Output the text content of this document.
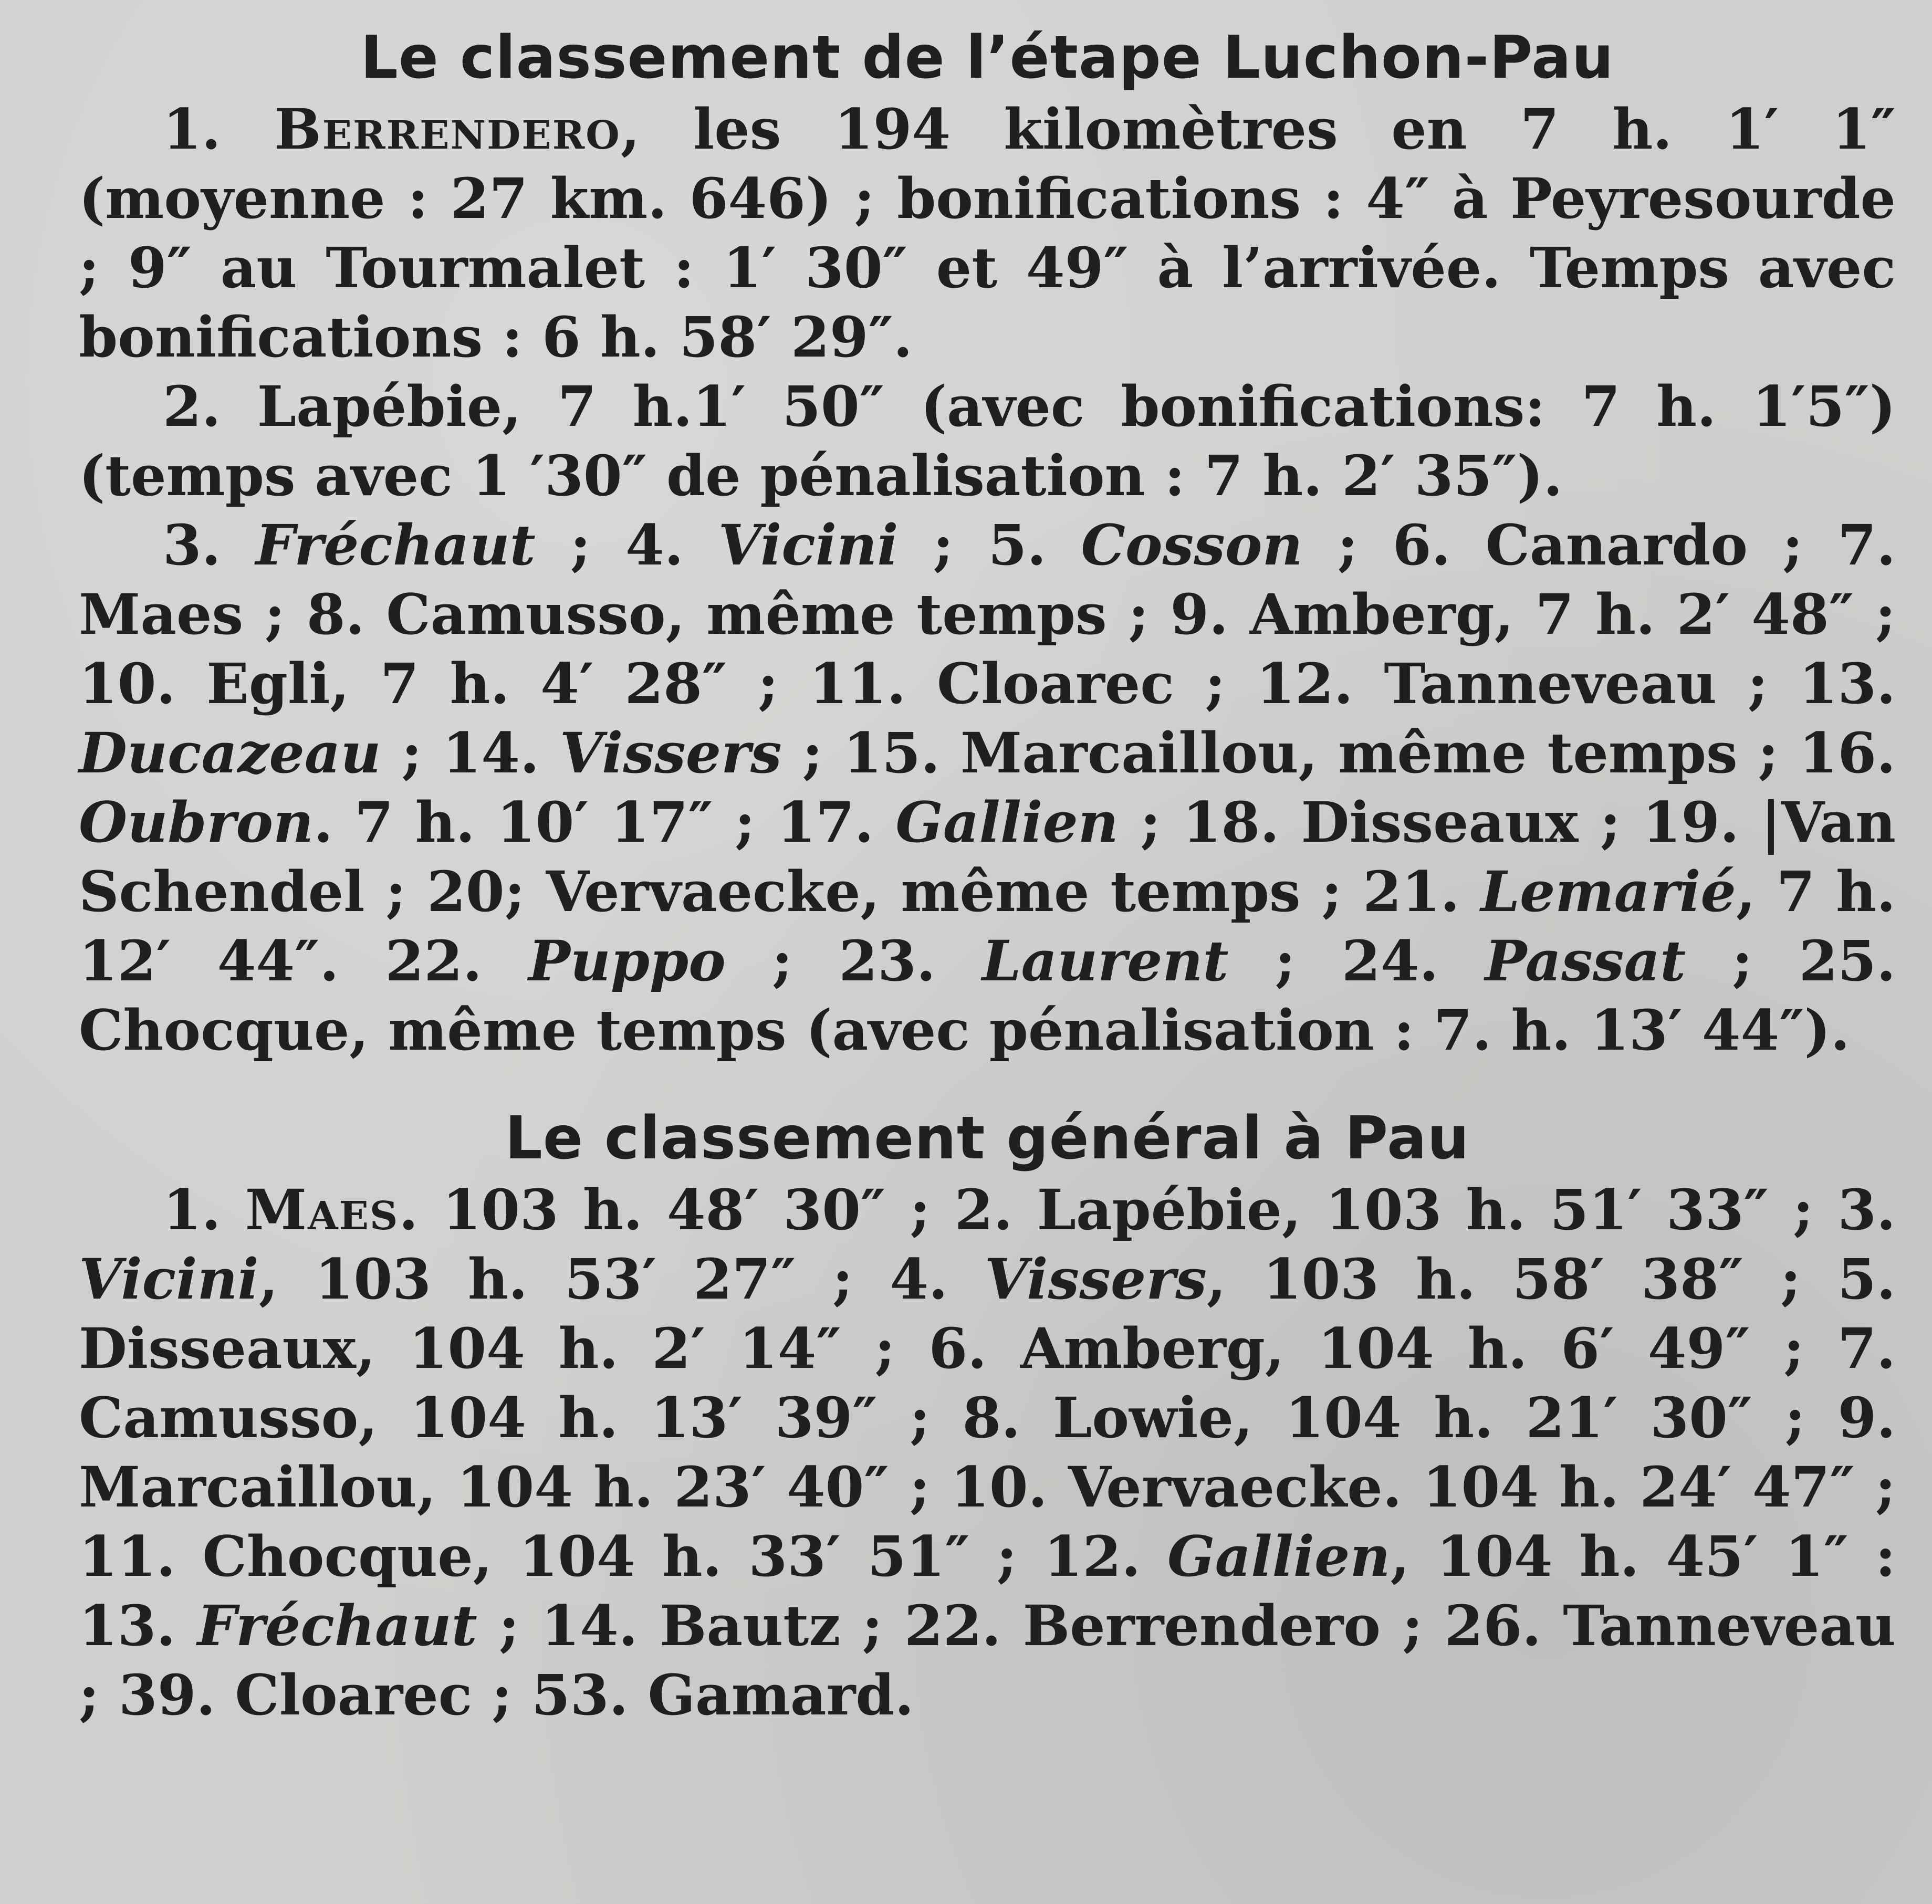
Le classement de l’étape Luchon-Pau

1. Berrendero, les 194 kilomètres en 7 h. 1′ 1″ (moyenne : 27 km. 646) ; bonifications : 4″ à Peyresourde ; 9″ au Tourmalet : 1′ 30″ et 49″ à l’arrivée. Temps avec bonifications : 6 h. 58′ 29″.

2. Lapébie, 7 h.1′ 50″ (avec bonifications: 7 h. 1′5″) (temps avec 1 ′30″ de pénalisation : 7 h. 2′ 35″).

3. Fréchaut ; 4. Vicini ; 5. Cosson ; 6. Canardo ; 7. Maes ; 8. Camusso, même temps ; 9. Amberg, 7 h. 2′ 48″ ; 10. Egli, 7 h. 4′ 28″ ; 11. Cloarec ; 12. Tanneveau ; 13. Ducazeau ; 14. Vissers ; 15. Marcaillou, même temps ; 16. Oubron. 7 h. 10′ 17″ ; 17. Gallien ; 18. Disseaux ; 19. |Van Schendel ; 20; Vervaecke, même temps ; 21. Lemarié, 7 h. 12′ 44″. 22. Puppo ; 23. Laurent ; 24. Passat ; 25. Chocque, même temps (avec pénalisation : 7. h. 13′ 44″).

Le classement général à Pau

1. Maes. 103 h. 48′ 30″ ; 2. Lapébie, 103 h. 51′ 33″ ; 3. Vicini, 103 h. 53′ 27″ ; 4. Vissers, 103 h. 58′ 38″ ; 5. Disseaux, 104 h. 2′ 14″ ; 6. Amberg, 104 h. 6′ 49″ ; 7. Camusso, 104 h. 13′ 39″ ; 8. Lowie, 104 h. 21′ 30″ ; 9. Marcaillou, 104 h. 23′ 40″ ; 10. Vervaecke. 104 h. 24′ 47″ ; 11. Chocque, 104 h. 33′ 51″ ; 12. Gallien, 104 h. 45′ 1″ : 13. Fréchaut ; 14. Bautz ; 22. Berrendero ; 26. Tanneveau ; 39. Cloarec ; 53. Gamard.
